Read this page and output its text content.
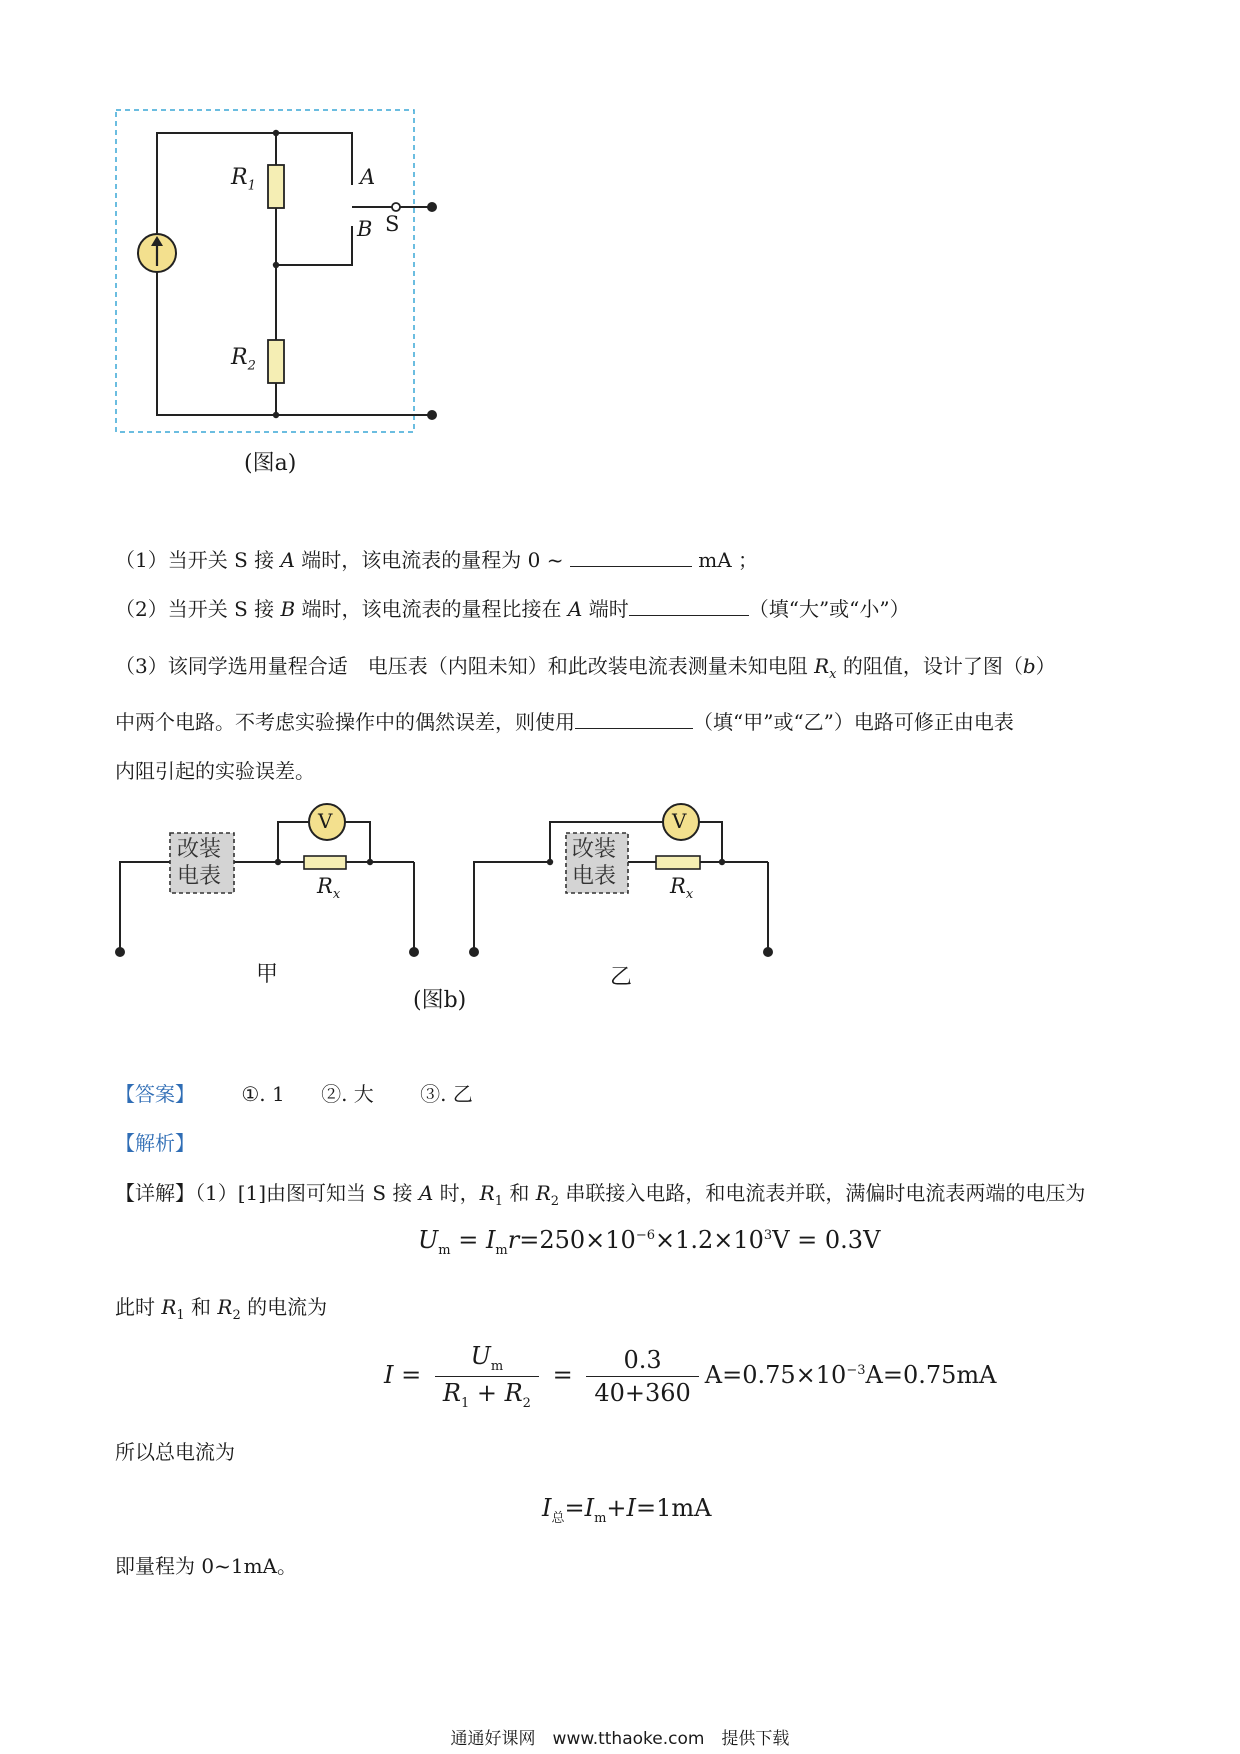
$R_1$
$R_2$
A
B S
(图a)
（1）当开关 S 接 A 端时，该电流表的量程为 0 ~	mA ；
（2）当开关 S 接 B 端时，该电流表的量程比接在 A 端时	（填“大”或“小”）
（3）该同学选用量程合适　电压表（内阻未知）和此改装电流表测量未知电阻 $R_x$ 的阻值，设计了图（b）
中两个电路。不考虑实验操作中的偶然误差，则使用	（填“甲”或“乙”）电路可修正由电表
内阻引起的实验误差。
改装
电表
V
$R_x$
甲
改装
电表
V
$R_x$
乙
(图b)
【答案】 ①. 1 ②. 大 ③. 乙
【解析】
【详解】（1）[1]由图可知当 S 接 A 时，$R_1$ 和 $R_2$ 串联接入电路，和电流表并联，满偏时电流表两端的电压为
$U_m = I_mr=250\times 10^{-6}\times 1.2\times 10^3V = 0.3V$
此时 $R_1$ 和 $R_2$ 的电流为
$I = \frac{U_m}{R_1 + R_2} = \frac{0.3}{40+360} A=0.75\times 10^{-3}A=0.75mA$
所以总电流为
$I_总=I_m+I=1mA$
即量程为 0~1mA。
通通好课网　www.tthaoke.com　提供下载
